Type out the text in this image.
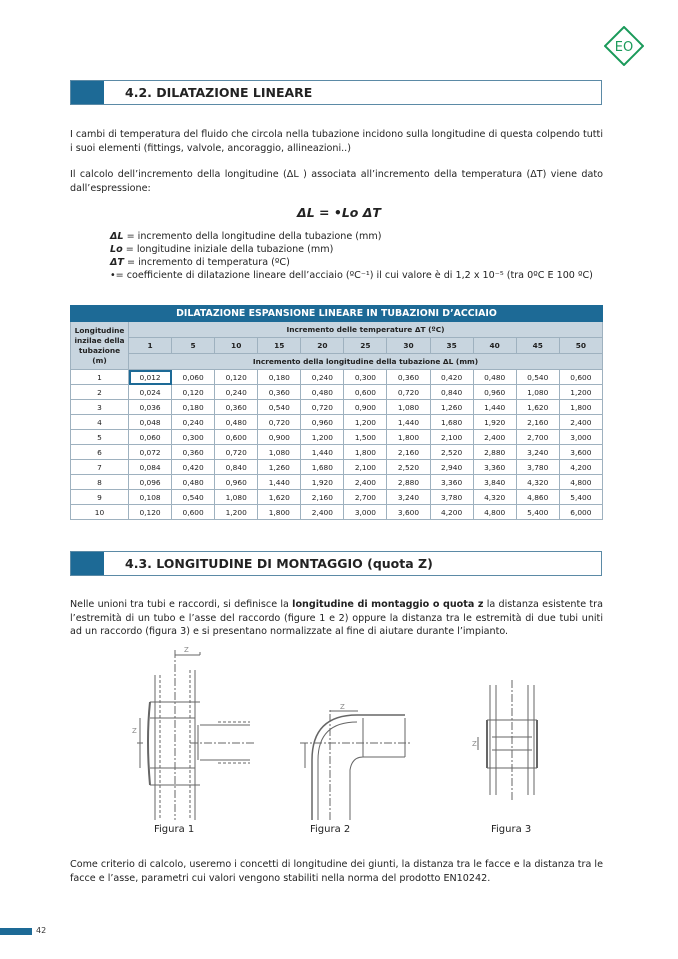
EO
4.2. DILATAZIONE LINEARE
I cambi di temperatura del fluido che circola nella tubazione incidono sulla longitudine di questa colpendo tutti i suoi elementi (fittings, valvole, ancoraggio, allineazioni..)
Il calcolo dell’incremento della longitudine (ΔL ) associata all’incremento della temperatura (ΔT) viene dato dall’espressione:
ΔL = •Lo ΔT
ΔL = incremento della longitudine della tubazione (mm)
Lo = longitudine iniziale della tubazione (mm)
ΔT = incremento di temperatura (ºC)
•= coefficiente di dilatazione lineare dell’acciaio (ºC⁻¹) il cui valore è di 1,2 x 10⁻⁵ (tra 0ºC E 100 ºC)
DILATAZIONE ESPANSIONE LINEARE IN TUBAZIONI D’ACCIAIO											
Longitudine inzilae della tubazione (m)	Incremento delle temperature ΔT (ºC)										
	1	5	10	15	20	25	30	35	40	45	50
	Incremento della longitudine della tubazione ΔL (mm)										
1	0,012	0,060	0,120	0,180	0,240	0,300	0,360	0,420	0,480	0,540	0,600
2	0,024	0,120	0,240	0,360	0,480	0,600	0,720	0,840	0,960	1,080	1,200
3	0,036	0,180	0,360	0,540	0,720	0,900	1,080	1,260	1,440	1,620	1,800
4	0,048	0,240	0,480	0,720	0,960	1,200	1,440	1,680	1,920	2,160	2,400
5	0,060	0,300	0,600	0,900	1,200	1,500	1,800	2,100	2,400	2,700	3,000
6	0,072	0,360	0,720	1,080	1,440	1,800	2,160	2,520	2,880	3,240	3,600
7	0,084	0,420	0,840	1,260	1,680	2,100	2,520	2,940	3,360	3,780	4,200
8	0,096	0,480	0,960	1,440	1,920	2,400	2,880	3,360	3,840	4,320	4,800
9	0,108	0,540	1,080	1,620	2,160	2,700	3,240	3,780	4,320	4,860	5,400
10	0,120	0,600	1,200	1,800	2,400	3,000	3,600	4,200	4,800	5,400	6,000
4.3. LONGITUDINE DI MONTAGGIO (quota Z)
Nelle unioni tra tubi e raccordi, si definisce la longitudine di montaggio o quota z la distanza esistente tra l’estremità di un tubo e l’asse del raccordo (figure 1 e 2) oppure la distanza tra le estremità di due tubi uniti ad un raccordo (figura 3) e si presentano normalizzate al fine di aiutare durante l’impianto.
Z
Z
Z
Z
Figura 1	Figura 2	Figura 3
Come criterio di calcolo, useremo i concetti di longitudine dei giunti, la distanza tra le facce e la distanza tra le facce e l’asse, parametri cui valori vengono stabiliti nella norma del prodotto EN10242.
42
